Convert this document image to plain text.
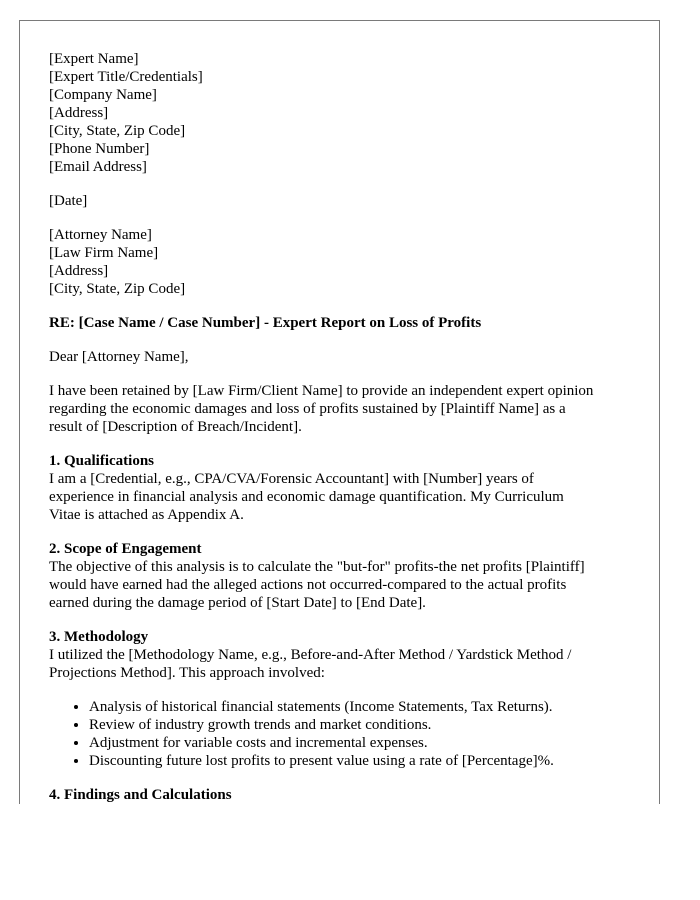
[Expert Name]
[Expert Title/Credentials]
[Company Name]
[Address]
[City, State, Zip Code]
[Phone Number]
[Email Address]
[Date]
[Attorney Name]
[Law Firm Name]
[Address]
[City, State, Zip Code]
RE: [Case Name / Case Number] - Expert Report on Loss of Profits
Dear [Attorney Name],
I have been retained by [Law Firm/Client Name] to provide an independent expert opinion
regarding the economic damages and loss of profits sustained by [Plaintiff Name] as a
result of [Description of Breach/Incident].
1. Qualifications
I am a [Credential, e.g., CPA/CVA/Forensic Accountant] with [Number] years of
experience in financial analysis and economic damage quantification. My Curriculum
Vitae is attached as Appendix A.
2. Scope of Engagement
The objective of this analysis is to calculate the "but-for" profits-the net profits [Plaintiff]
would have earned had the alleged actions not occurred-compared to the actual profits
earned during the damage period of [Start Date] to [End Date].
3. Methodology
I utilized the [Methodology Name, e.g., Before-and-After Method / Yardstick Method /
Projections Method]. This approach involved:
• Analysis of historical financial statements (Income Statements, Tax Returns).
• Review of industry growth trends and market conditions.
• Adjustment for variable costs and incremental expenses.
• Discounting future lost profits to present value using a rate of [Percentage]%.
4. Findings and Calculations
